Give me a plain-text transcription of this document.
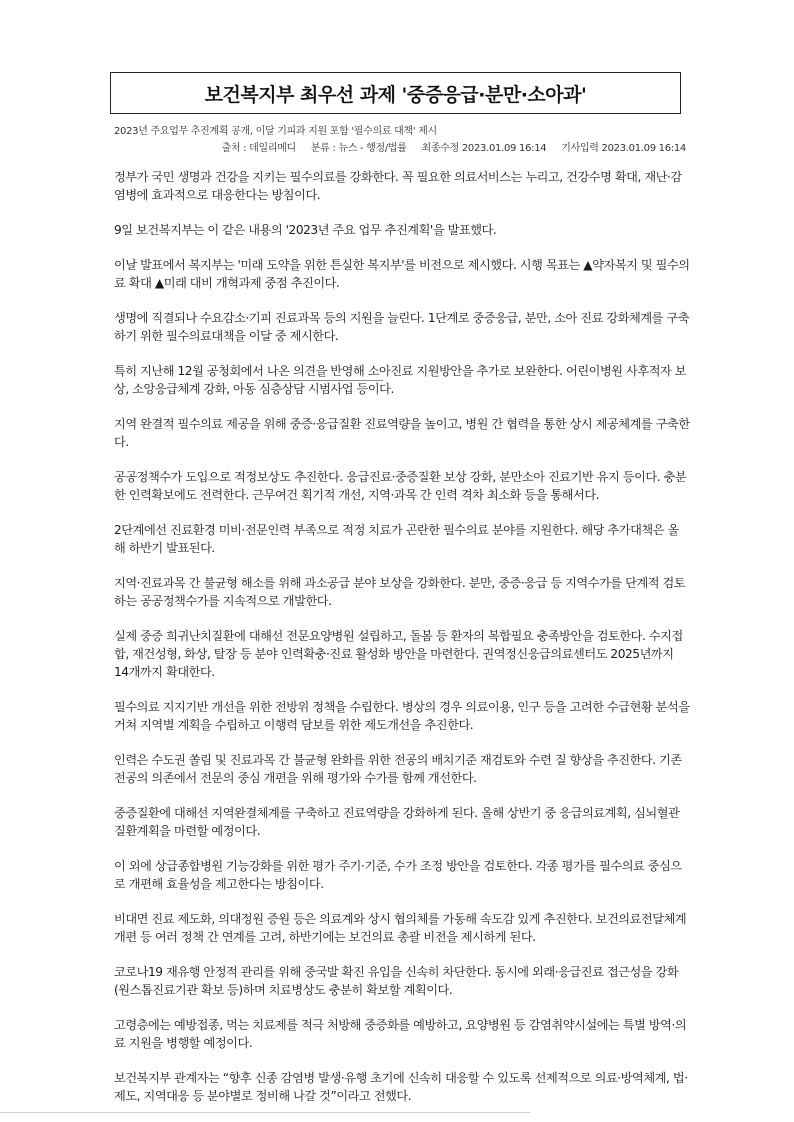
보건복지부 최우선 과제 '중증응급·분만·소아과'
2023년 주요업무 추진계획 공개, 이달 기피과 지원 포함 '필수의료 대책' 제시
출처 : 데일리메디 분류 : 뉴스 - 행정/법률 최종수정 2023.01.09 16:14 기사입력 2023.01.09 16:14

정부가 국민 생명과 건강을 지키는 필수의료를 강화한다. 꼭 필요한 의료서비스는 누리고, 건강수명 확대, 재난·감염병에 효과적으로 대응한다는 방침이다.

9일 보건복지부는 이 같은 내용의 '2023년 주요 업무 추진계획'을 발표했다.

이날 발표에서 복지부는 '미래 도약을 위한 튼실한 복지부'를 비전으로 제시했다. 시행 목표는 ▲약자복지 및 필수의료 확대 ▲미래 대비 개혁과제 중점 추진이다.

생명에 직결되나 수요감소·기피 진료과목 등의 지원을 늘린다. 1단계로 중증응급, 분만, 소아 진료 강화체계를 구축하기 위한 필수의료대책을 이달 중 제시한다.

특히 지난해 12월 공청회에서 나온 의견을 반영해 소아진료 지원방안을 추가로 보완한다. 어린이병원 사후적자 보상, 소앙응급체계 강화, 아동 심층상담 시범사업 등이다.

지역 완결적 필수의료 제공을 위해 중증·응급질환 진료역량을 높이고, 병원 간 협력을 통한 상시 제공체계를 구축한다.

공공정책수가 도입으로 적정보상도 추진한다. 응급진료·중증질환 보상 강화, 분만소아 진료기반 유지 등이다. 충분한 인력확보에도 전력한다. 근무여건 획기적 개선, 지역·과목 간 인력 격차 최소화 등을 통해서다.

2단계에선 진료환경 미비·전문인력 부족으로 적정 치료가 곤란한 필수의료 분야를 지원한다. 해당 추가대책은 올해 하반기 발표된다.

지역·진료과목 간 불균형 해소를 위해 과소공급 분야 보상을 강화한다. 분만, 중증·응급 등 지역수가를 단계적 검토하는 공공정책수가를 지속적으로 개발한다.

실제 중증 희귀난치질환에 대해선 전문요양병원 설립하고, 돌봄 등 환자의 복합필요 충족방안을 검토한다. 수지접합, 재건성형, 화상, 탈장 등 분야 인력확충·진료 활성화 방안을 마련한다. 권역정신응급의료센터도 2025년까지 14개까지 확대한다.

필수의료 지지기반 개선을 위한 전방위 정책을 수립한다. 병상의 경우 의료이용, 인구 등을 고려한 수급현황 분석을 거쳐 지역별 계획을 수립하고 이행력 담보를 위한 제도개선을 추진한다.

인력은 수도권 쏠림 및 진료과목 간 불균형 완화를 위한 전공의 배치기준 재검토와 수련 질 향상을 추진한다. 기존 전공의 의존에서 전문의 중심 개편을 위해 평가와 수가를 함께 개선한다.

중증질환에 대해선 지역완결체계를 구축하고 진료역량을 강화하게 된다. 올해 상반기 중 응급의료계획, 심뇌혈관질환계획을 마련할 예정이다.

이 외에 상급종합병원 기능강화를 위한 평가 주기·기준, 수가 조정 방안을 검토한다. 각종 평가를 필수의료 중심으로 개편해 효율성을 제고한다는 방침이다.

비대면 진료 제도화, 의대정원 증원 등은 의료계와 상시 협의체를 가동해 속도감 있게 추진한다. 보건의료전달체계 개편 등 여러 정책 간 연계를 고려, 하반기에는 보건의료 총괄 비전을 제시하게 된다.

코로나19 재유행 안정적 관리를 위해 중국발 확진 유입을 신속히 차단한다. 동시에 외래·응급진료 접근성을 강화(원스톱진료기관 확보 등)하며 치료병상도 충분히 확보할 계획이다.

고령층에는 예방접종, 먹는 치료제를 적극 처방해 중증화를 예방하고, 요양병원 등 감염취약시설에는 특별 방역·의료 지원을 병행할 예정이다.

보건복지부 관계자는 “향후 신종 감염병 발생·유행 초기에 신속히 대응할 수 있도록 선제적으로 의료·방역체계, 법·제도, 지역대응 등 분야별로 정비해 나갈 것”이라고 전했다.
